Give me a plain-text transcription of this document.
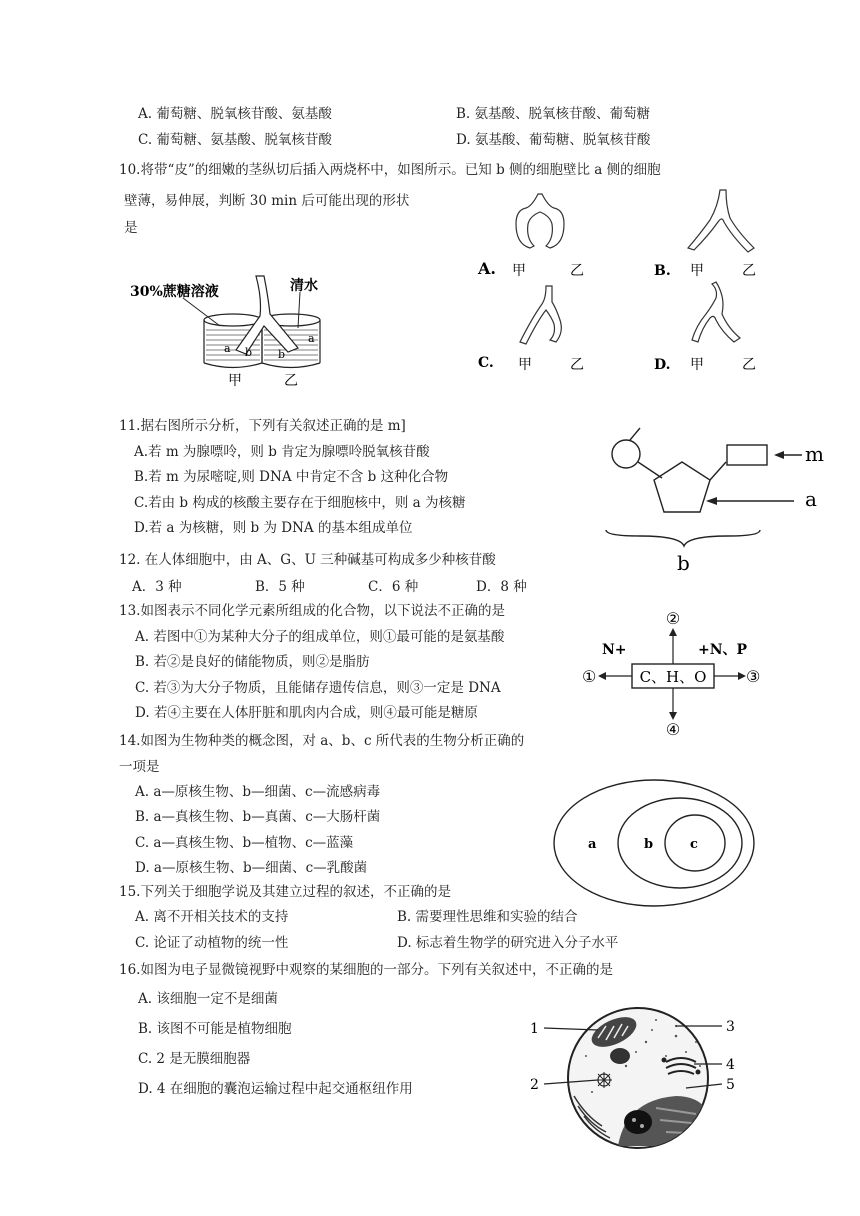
A. 葡萄糖、脱氧核苷酸、氨基酸	B. 氨基酸、脱氧核苷酸、葡萄糖
C. 葡萄糖、氨基酸、脱氧核苷酸	D. 氨基酸、葡萄糖、脱氧核苷酸
10.将带“皮”的细嫩的茎纵切后插入两烧杯中，如图所示。已知 b 侧的细胞壁比 a 侧的细胞
壁薄，易伸展，判断 30 min 后可能出现的形状
是
30%蔗糖溶液	清水
a b b
a
甲	乙
A. 甲	乙	B. 甲	乙
C. 甲	乙	D. 甲	乙
11.据右图所示分析，下列有关叙述正确的是 m]
A.若 m 为腺嘌呤，则 b 肯定为腺嘌呤脱氧核苷酸
B.若 m 为尿嘧啶,则 DNA 中肯定不含 b 这种化合物
C.若由 b 构成的核酸主要存在于细胞核中，则 a 为核糖
D.若 a 为核糖，则 b 为 DNA 的基本组成单位
m
a
b
12. 在人体细胞中，由 A、G、U 三种碱基可构成多少种核苷酸
A．3 种	B．5 种	C．6 种	D．8 种
13.如图表示不同化学元素所组成的化合物，以下说法不正确的是
A. 若图中①为某种大分子的组成单位，则①最可能的是氨基酸
B. 若②是良好的储能物质，则②是脂肪
C. 若③为大分子物质，且能储存遗传信息，则③一定是 DNA
D. 若④主要在人体肝脏和肌肉内合成，则④最可能是糖原
C、H、O
②
④
①
N+
③
+N、P
14.如图为生物种类的概念图，对 a、b、c 所代表的生物分析正确的
一项是
A. a—原核生物、b—细菌、c—流感病毒
B. a—真核生物、b—真菌、c—大肠杆菌
C. a—真核生物、b—植物、c—蓝藻
D. a—原核生物、b—细菌、c—乳酸菌
a	b	c
15.下列关于细胞学说及其建立过程的叙述，不正确的是
A. 离不开相关技术的支持	B. 需要理性思维和实验的结合
C. 论证了动植物的统一性	D. 标志着生物学的研究进入分子水平
16.如图为电子显微镜视野中观察的某细胞的一部分。下列有关叙述中，不正确的是
A. 该细胞一定不是细菌
B. 该图不可能是植物细胞
C. 2 是无膜细胞器
D. 4 在细胞的囊泡运输过程中起交通枢纽作用
1
2
3
4
5
